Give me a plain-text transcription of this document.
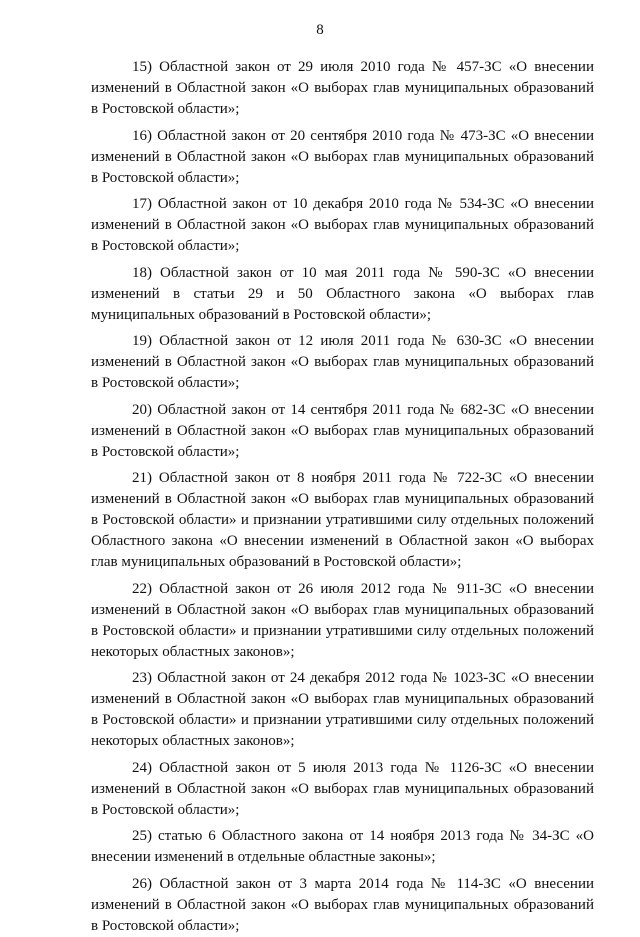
8

15) Областной закон от 29 июля 2010 года № 457-ЗС «О внесении изменений в Областной закон «О выборах глав муниципальных образований в Ростовской области»;

16) Областной закон от 20 сентября 2010 года № 473-ЗС «О внесении изменений в Областной закон «О выборах глав муниципальных образований в Ростовской области»;

17) Областной закон от 10 декабря 2010 года № 534-ЗС «О внесении изменений в Областной закон «О выборах глав муниципальных образований в Ростовской области»;

18) Областной закон от 10 мая 2011 года № 590-ЗС «О внесении изменений в статьи 29 и 50 Областного закона «О выборах глав муниципальных образований в Ростовской области»;

19) Областной закон от 12 июля 2011 года № 630-ЗС «О внесении изменений в Областной закон «О выборах глав муниципальных образований в Ростовской области»;

20) Областной закон от 14 сентября 2011 года № 682-ЗС «О внесении изменений в Областной закон «О выборах глав муниципальных образований в Ростовской области»;

21) Областной закон от 8 ноября 2011 года № 722-ЗС «О внесении изменений в Областной закон «О выборах глав муниципальных образований в Ростовской области» и признании утратившими силу отдельных положений Областного закона «О внесении изменений в Областной закон «О выборах глав муниципальных образований в Ростовской области»;

22) Областной закон от 26 июля 2012 года № 911-ЗС «О внесении изменений в Областной закон «О выборах глав муниципальных образований в Ростовской области» и признании утратившими силу отдельных положений некоторых областных законов»;

23) Областной закон от 24 декабря 2012 года № 1023-ЗС «О внесении изменений в Областной закон «О выборах глав муниципальных образований в Ростовской области» и признании утратившими силу отдельных положений некоторых областных законов»;

24) Областной закон от 5 июля 2013 года № 1126-ЗС «О внесении изменений в Областной закон «О выборах глав муниципальных образований в Ростовской области»;

25) статью 6 Областного закона от 14 ноября 2013 года № 34-ЗС «О внесении изменений в отдельные областные законы»;

26) Областной закон от 3 марта 2014 года № 114-ЗС «О внесении изменений в Областной закон «О выборах глав муниципальных образований в Ростовской области»;
